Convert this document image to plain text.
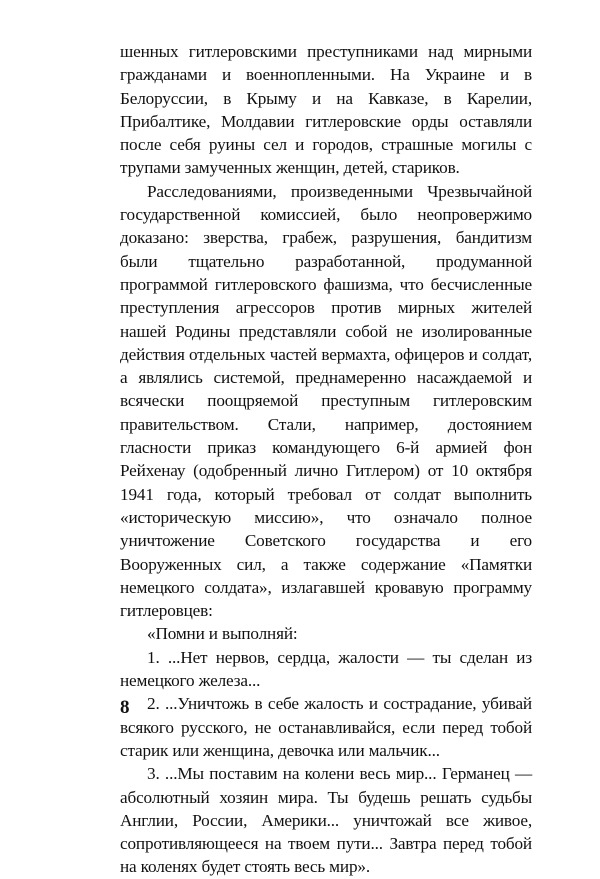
шенных гитлеровскими преступниками над мирными гражданами и военнопленными. На Украине и в Белоруссии, в Крыму и на Кавказе, в Карелии, Прибалтике, Молдавии гитлеровские орды оставляли после себя руины сел и городов, страшные могилы с трупами замученных женщин, детей, стариков.

Расследованиями, произведенными Чрезвычайной государственной комиссией, было неопровержимо доказано: зверства, грабеж, разрушения, бандитизм были тщательно разработанной, продуманной программой гитлеровского фашизма, что бесчисленные преступления агрессоров против мирных жителей нашей Родины представляли собой не изолированные действия отдельных частей вермахта, офицеров и солдат, а являлись системой, преднамеренно насаждаемой и всячески поощряемой преступным гитлеровским правительством. Стали, например, достоянием гласности приказ командующего 6-й армией фон Рейхенау (одобренный лично Гитлером) от 10 октября 1941 года, который требовал от солдат выполнить «историческую миссию», что означало полное уничтожение Советского государства и его Вооруженных сил, а также содержание «Памятки немецкого солдата», излагавшей кровавую программу гитлеровцев:

«Помни и выполняй:

1. ...Нет нервов, сердца, жалости — ты сделан из немецкого железа...

2. ...Уничтожь в себе жалость и сострадание, убивай всякого русского, не останавливайся, если перед тобой старик или женщина, девочка или мальчик...

3. ...Мы поставим на колени весь мир... Германец — абсолютный хозяин мира. Ты будешь решать судьбы Англии, России, Америки... уничтожай все живое, сопротивляющееся на твоем пути... Завтра перед тобой на коленях будет стоять весь мир».

8
